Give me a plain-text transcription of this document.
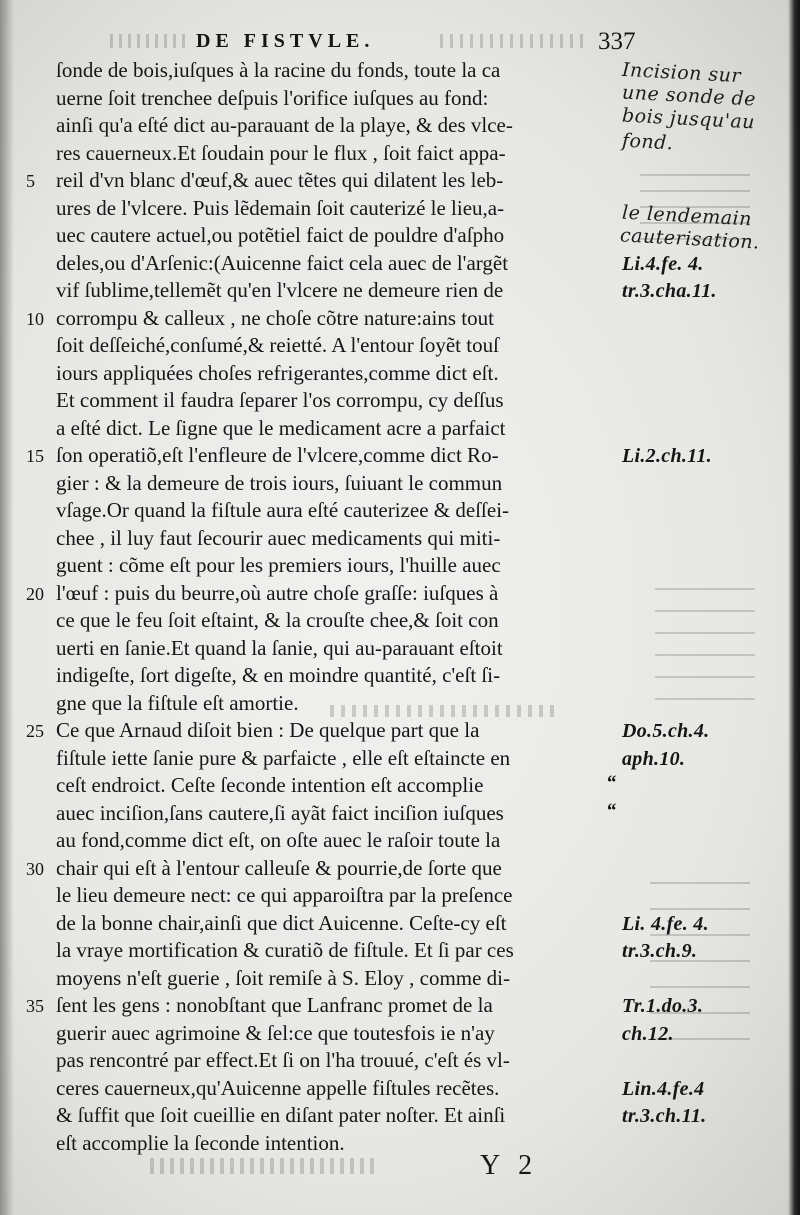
DE FISTVLE.	337
ſonde de bois,iuſques à la racine du fonds, toute la ca
uerne ſoit trenchee deſpuis l'orifice iuſques au fond:
ainſi qu'a eſté dict au-parauant de la playe, & des vlce-
res cauerneux.Et ſoudain pour le flux , ſoit faict appa-
reil d'vn blanc d'œuf,& auec tẽtes qui dilatent les leb-
ures de l'vlcere. Puis lẽdemain ſoit cauterizé le lieu,a-
uec cautere actuel,ou potẽtiel faict de pouldre d'aſpho
deles,ou d'Arſenic:(Auicenne faict cela auec de l'argẽt
vif ſublime,tellemẽt qu'en l'vlcere ne demeure rien de
corrompu & calleux , ne choſe cõtre nature:ains tout
ſoit deſſeiché,conſumé,& reietté. A l'entour ſoyẽt touſ
iours appliquées choſes refrigerantes,comme dict eſt.
Et comment il faudra ſeparer l'os corrompu, cy deſſus
a eſté dict. Le ſigne que le medicament acre a parfaict
ſon operatiõ,eſt l'enfleure de l'vlcere,comme dict Ro-
gier : & la demeure de trois iours, ſuiuant le commun
vſage.Or quand la fiſtule aura eſté cauterizee & deſſei-
chee , il luy faut ſecourir auec medicaments qui miti-
guent : cõme eſt pour les premiers iours, l'huille auec
l'œuf : puis du beurre,où autre choſe graſſe: iuſques à
ce que le feu ſoit eſtaint, & la crouſte chee,& ſoit con
uerti en ſanie.Et quand la ſanie, qui au-parauant eſtoit
indigeſte, ſort digeſte, & en moindre quantité, c'eſt ſi-
gne que la fiſtule eſt amortie.
Ce que Arnaud diſoit bien : De quelque part que la
fiſtule iette ſanie pure & parfaicte , elle eſt eſtaincte en
ceſt endroict. Ceſte ſeconde intention eſt accomplie
auec inciſion,ſans cautere,ſi ayãt faict inciſion iuſques
au fond,comme dict eſt, on oſte auec le raſoir toute la
chair qui eſt à l'entour calleuſe & pourrie,de ſorte que
le lieu demeure nect: ce qui apparoiſtra par la preſence
de la bonne chair,ainſi que dict Auicenne. Ceſte-cy eſt
la vraye mortification & curatiõ de fiſtule. Et ſi par ces
moyens n'eſt guerie , ſoit remiſe à S. Eloy , comme di-
ſent les gens : nonobſtant que Lanfranc promet de la
guerir auec agrimoine & ſel:ce que toutesfois ie n'ay
pas rencontré par effect.Et ſi on l'ha trouué, c'eſt és vl-
ceres cauerneux,qu'Auicenne appelle fiſtules recẽtes.
& ſuffit que ſoit cueillie en diſant pater noſter. Et ainſi
eſt accomplie la ſeconde intention.
5
10
15
20
25
30
35
Li.4.fe. 4.
tr.3.cha.11.
Li.2.ch.11.
Do.5.ch.4.
aph.10.
Li. 4.fe. 4.
tr.3.ch.9.
Tr.1.do.3.
ch.12.
Lin.4.fe.4
tr.3.ch.11.
“
“
Incision sur
une sonde de
bois jusqu'au
fond.
le lendemain
cauterisation.
Y 2
